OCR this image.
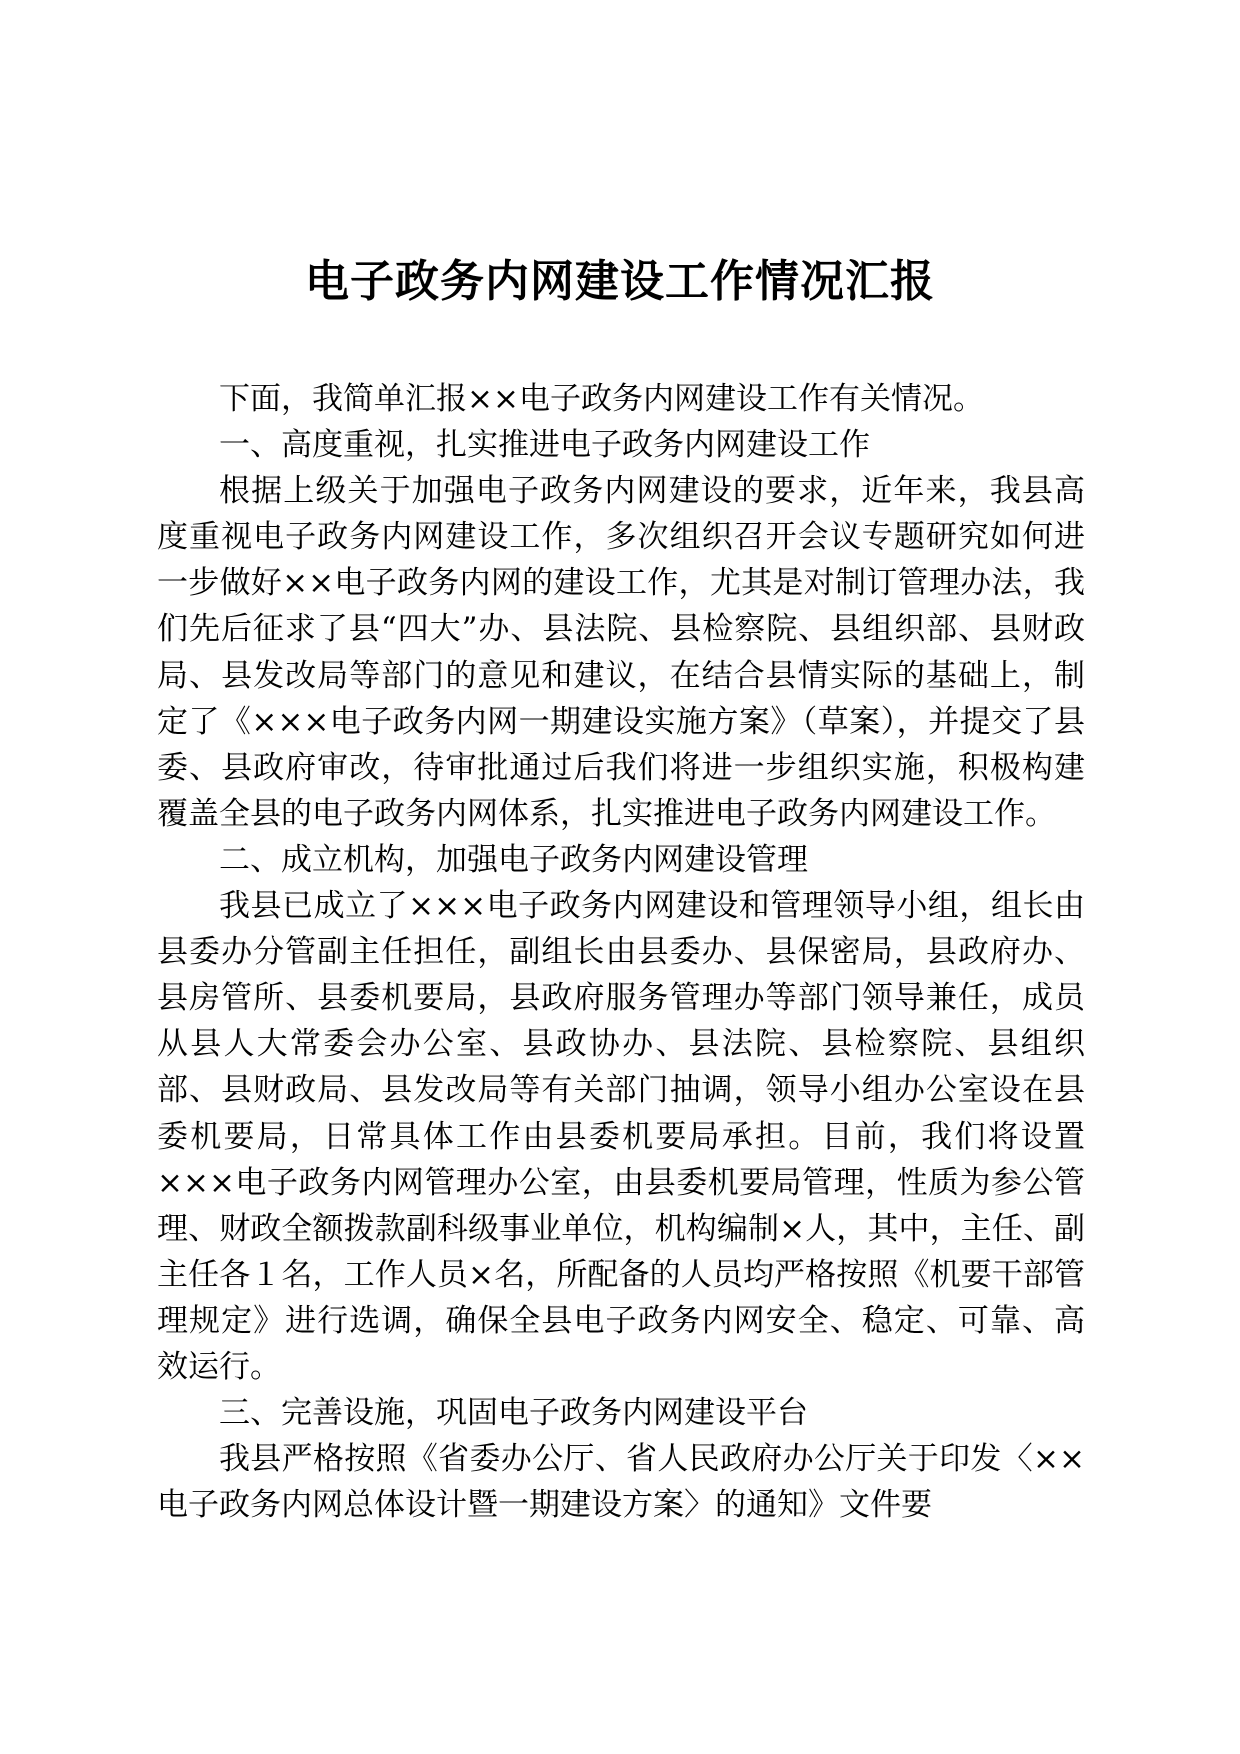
电子政务内网建设工作情况汇报

下面，我简单汇报××电子政务内网建设工作有关情况。

一、高度重视，扎实推进电子政务内网建设工作

根据上级关于加强电子政务内网建设的要求，近年来，我县高度重视电子政务内网建设工作，多次组织召开会议专题研究如何进一步做好××电子政务内网的建设工作，尤其是对制订管理办法，我们先后征求了县“四大”办、县法院、县检察院、县组织部、县财政局、县发改局等部门的意见和建议，在结合县情实际的基础上，制定了《×××电子政务内网一期建设实施方案》（草案），并提交了县委、县政府审改，待审批通过后我们将进一步组织实施，积极构建覆盖全县的电子政务内网体系，扎实推进电子政务内网建设工作。

二、成立机构，加强电子政务内网建设管理

我县已成立了×××电子政务内网建设和管理领导小组，组长由县委办分管副主任担任，副组长由县委办、县保密局，县政府办、县房管所、县委机要局，县政府服务管理办等部门领导兼任，成员从县人大常委会办公室、县政协办、县法院、县检察院、县组织部、县财政局、县发改局等有关部门抽调，领导小组办公室设在县委机要局，日常具体工作由县委机要局承担。目前，我们将设置×××电子政务内网管理办公室，由县委机要局管理，性质为参公管理、财政全额拨款副科级事业单位，机构编制×人，其中，主任、副主任各１名，工作人员×名，所配备的人员均严格按照《机要干部管理规定》进行选调，确保全县电子政务内网安全、稳定、可靠、高效运行。

三、完善设施，巩固电子政务内网建设平台

我县严格按照《省委办公厅、省人民政府办公厅关于印发〈××电子政务内网总体设计暨一期建设方案〉的通知》文件要
